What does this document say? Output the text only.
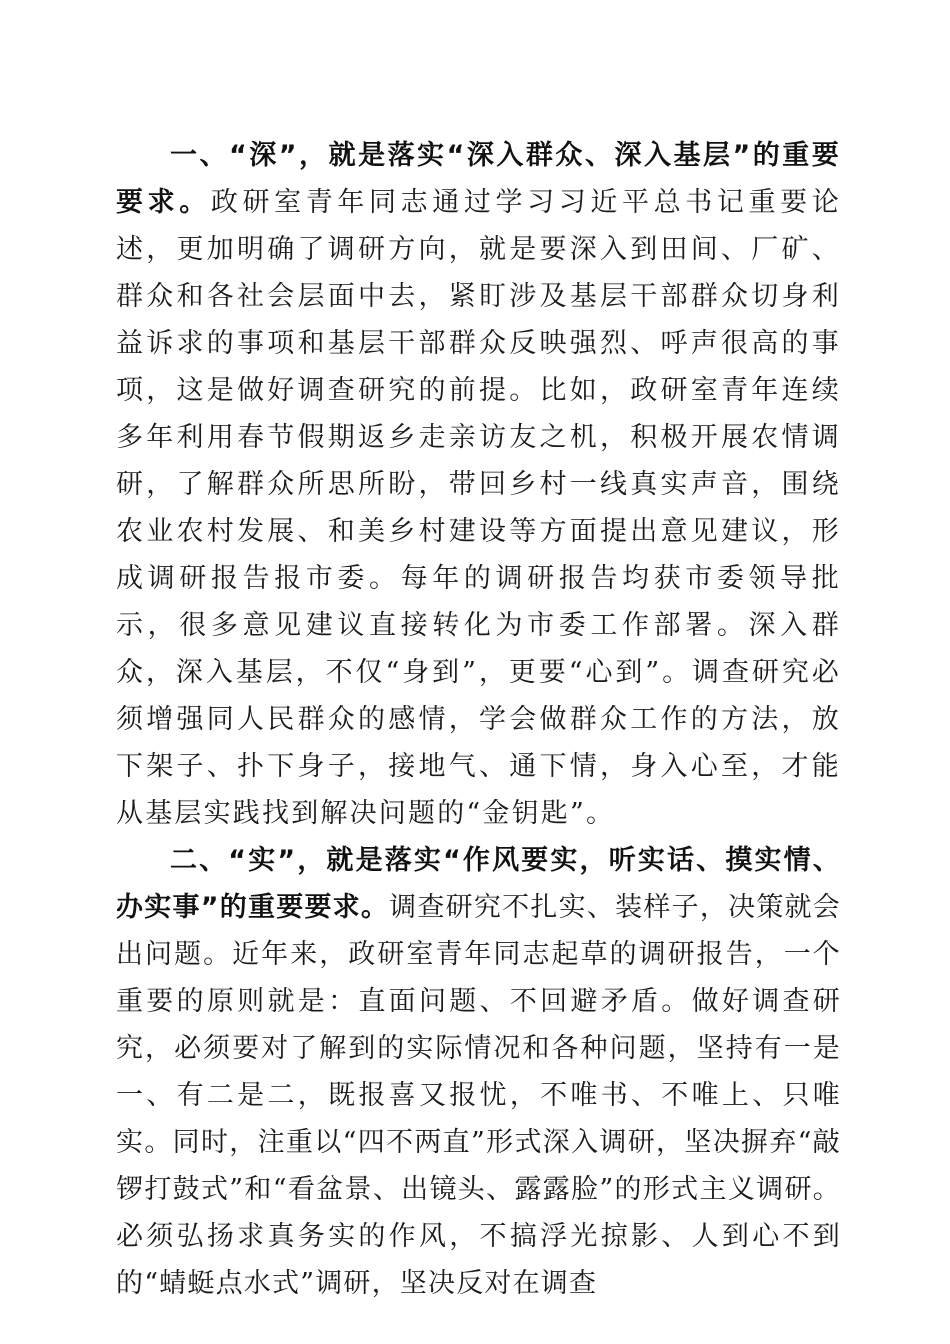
一、“深”，就是落实“深入群众、深入基层”的重要要求。政研室青年同志通过学习习近平总书记重要论述，更加明确了调研方向，就是要深入到田间、厂矿、群众和各社会层面中去，紧盯涉及基层干部群众切身利益诉求的事项和基层干部群众反映强烈、呼声很高的事项，这是做好调查研究的前提。比如，政研室青年连续多年利用春节假期返乡走亲访友之机，积极开展农情调研，了解群众所思所盼，带回乡村一线真实声音，围绕农业农村发展、和美乡村建设等方面提出意见建议，形成调研报告报市委。每年的调研报告均获市委领导批示，很多意见建议直接转化为市委工作部署。深入群众，深入基层，不仅“身到”，更要“心到”。调查研究必须增强同人民群众的感情，学会做群众工作的方法，放下架子、扑下身子，接地气、通下情，身入心至，才能从基层实践找到解决问题的“金钥匙”。

二、“实”，就是落实“作风要实，听实话、摸实情、办实事”的重要要求。调查研究不扎实、装样子，决策就会出问题。近年来，政研室青年同志起草的调研报告，一个重要的原则就是：直面问题、不回避矛盾。做好调查研究，必须要对了解到的实际情况和各种问题，坚持有一是一、有二是二，既报喜又报忧，不唯书、不唯上、只唯实。同时，注重以“四不两直”形式深入调研，坚决摒弃“敲锣打鼓式”和“看盆景、出镜头、露露脸”的形式主义调研。必须弘扬求真务实的作风，不搞浮光掠影、人到心不到的“蜻蜓点水式”调研，坚决反对在调查
